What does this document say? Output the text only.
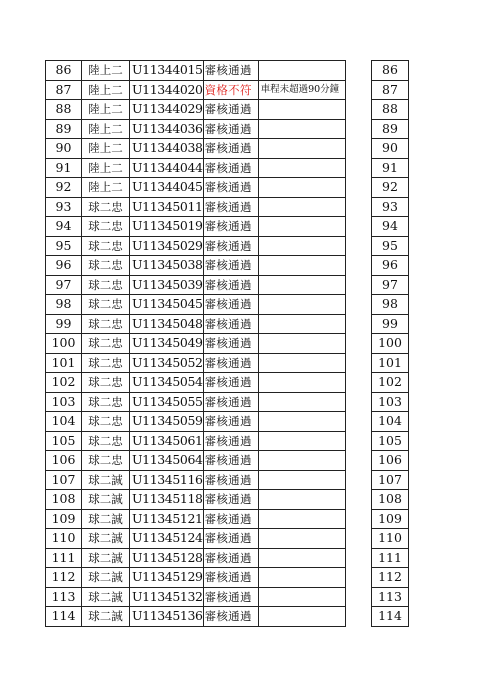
86	陸上二	U11344015	審核通過	
87	陸上二	U11344020	資格不符	車程未超過90分鐘
88	陸上二	U11344029	審核通過	
89	陸上二	U11344036	審核通過	
90	陸上二	U11344038	審核通過	
91	陸上二	U11344044	審核通過	
92	陸上二	U11344045	審核通過	
93	球二忠	U11345011	審核通過	
94	球二忠	U11345019	審核通過	
95	球二忠	U11345029	審核通過	
96	球二忠	U11345038	審核通過	
97	球二忠	U11345039	審核通過	
98	球二忠	U11345045	審核通過	
99	球二忠	U11345048	審核通過	
100	球二忠	U11345049	審核通過	
101	球二忠	U11345052	審核通過	
102	球二忠	U11345054	審核通過	
103	球二忠	U11345055	審核通過	
104	球二忠	U11345059	審核通過	
105	球二忠	U11345061	審核通過	
106	球二忠	U11345064	審核通過	
107	球二誠	U11345116	審核通過	
108	球二誠	U11345118	審核通過	
109	球二誠	U11345121	審核通過	
110	球二誠	U11345124	審核通過	
111	球二誠	U11345128	審核通過	
112	球二誠	U11345129	審核通過	
113	球二誠	U11345132	審核通過	
114	球二誠	U11345136	審核通過	
86
87
88
89
90
91
92
93
94
95
96
97
98
99
100
101
102
103
104
105
106
107
108
109
110
111
112
113
114
